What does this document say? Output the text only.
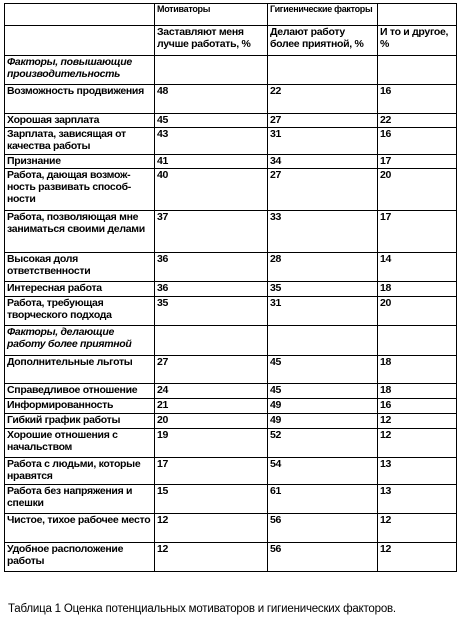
	Мотиваторы	Гигиенические факторы	
	Заставляют меня лучше работать, %	Делают работу более приятной, %	И то и другое, %
Факторы, повышающие производительность			
Возможность продвижения	48	22	16
Хорошая зарплата	45	27	22
Зарплата, зависящая от качества работы	43	31	16
Признание	41	34	17
Работа, дающая возмож-ность развивать способ-ности	40	27	20
Работа, позволяющая мне заниматься своими делами	37	33	17
Высокая доля ответственности	36	28	14
Интересная работа	36	35	18
Работа, требующая творческого подхода	35	31	20
Факторы, делающие работу более приятной			
Дополнительные льготы	27	45	18
Справедливое отношение	24	45	18
Информированность	21	49	16
Гибкий график работы	20	49	12
Хорошие отношения с начальством	19	52	12
Работа с людьми, которые нравятся	17	54	13
Работа без напряжения и спешки	15	61	13
Чистое, тихое рабочее место	12	56	12
Удобное расположение работы	12	56	12
Таблица 1 Оценка потенциальных мотиваторов и гигиенических факторов.
